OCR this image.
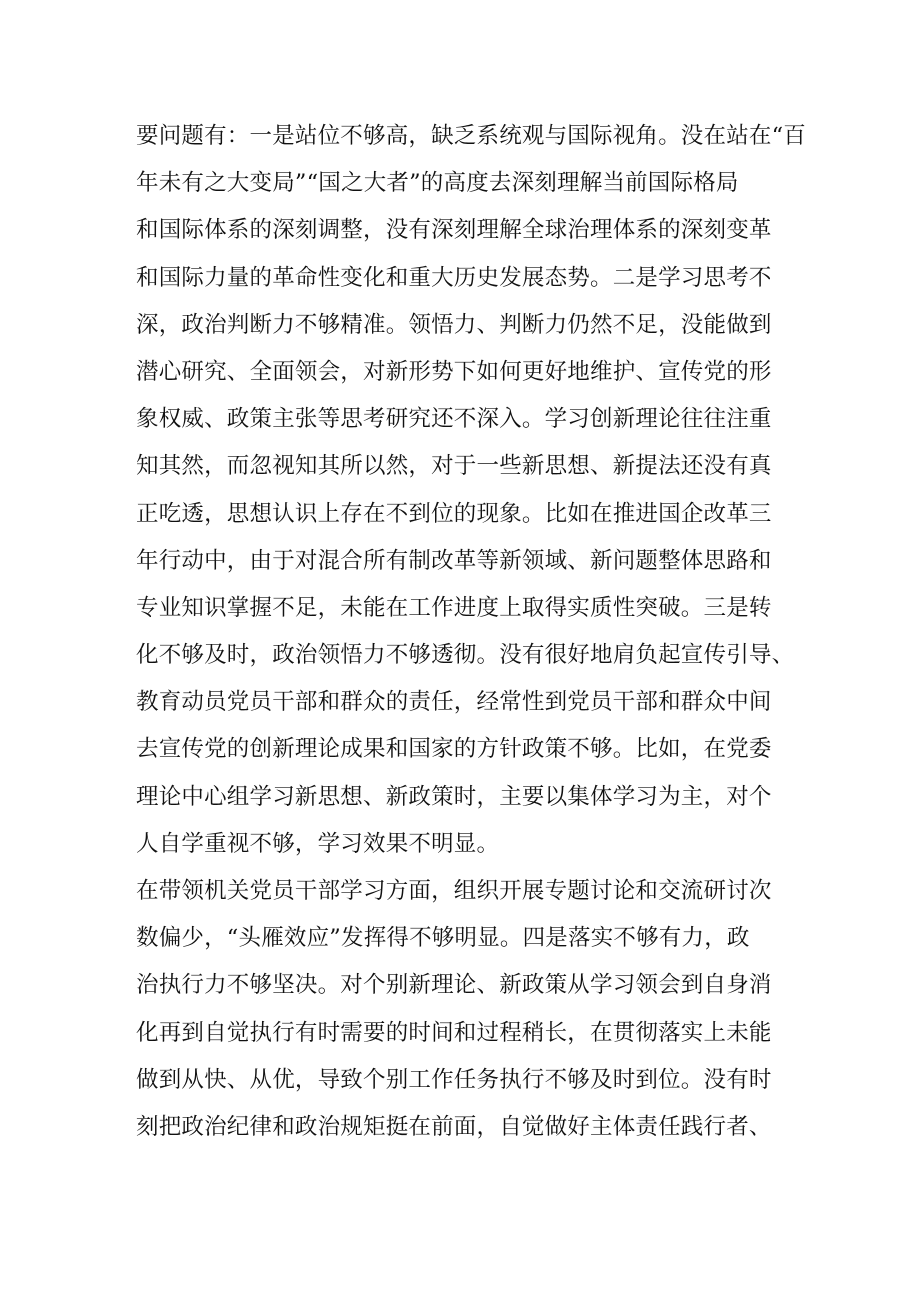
要问题有：一是站位不够高，缺乏系统观与国际视角。没在站在“百
年未有之大变局”“国之大者”的高度去深刻理解当前国际格局
和国际体系的深刻调整，没有深刻理解全球治理体系的深刻变革
和国际力量的革命性变化和重大历史发展态势。二是学习思考不
深，政治判断力不够精准。领悟力、判断力仍然不足，没能做到
潜心研究、全面领会，对新形势下如何更好地维护、宣传党的形
象权威、政策主张等思考研究还不深入。学习创新理论往往注重
知其然，而忽视知其所以然，对于一些新思想、新提法还没有真
正吃透，思想认识上存在不到位的现象。比如在推进国企改革三
年行动中，由于对混合所有制改革等新领域、新问题整体思路和
专业知识掌握不足，未能在工作进度上取得实质性突破。三是转
化不够及时，政治领悟力不够透彻。没有很好地肩负起宣传引导、
教育动员党员干部和群众的责任，经常性到党员干部和群众中间
去宣传党的创新理论成果和国家的方针政策不够。比如，在党委
理论中心组学习新思想、新政策时，主要以集体学习为主，对个
人自学重视不够，学习效果不明显。
在带领机关党员干部学习方面，组织开展专题讨论和交流研讨次
数偏少，“头雁效应”发挥得不够明显。四是落实不够有力，政
治执行力不够坚决。对个别新理论、新政策从学习领会到自身消
化再到自觉执行有时需要的时间和过程稍长，在贯彻落实上未能
做到从快、从优，导致个别工作任务执行不够及时到位。没有时
刻把政治纪律和政治规矩挺在前面，自觉做好主体责任践行者、
